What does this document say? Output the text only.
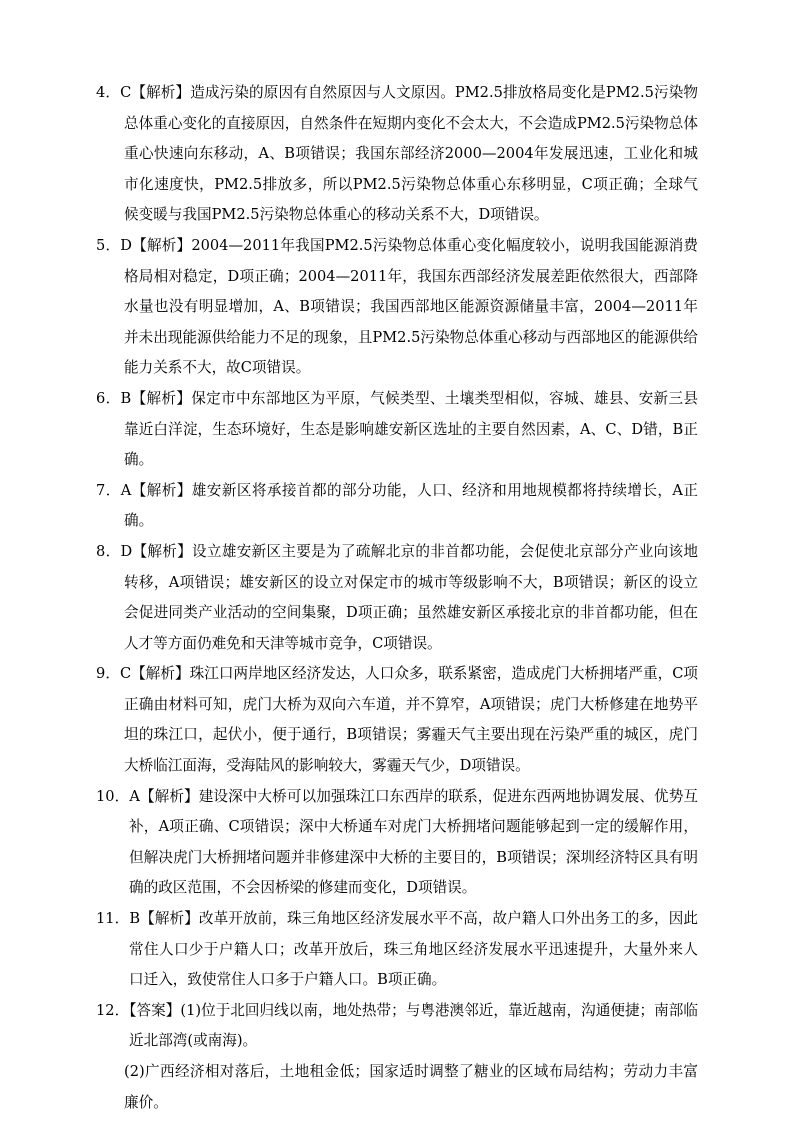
4．C【解析】造成污染的原因有自然原因与人文原因。PM2.5排放格局变化是PM2.5污染物总体重心变化的直接原因，自然条件在短期内变化不会太大，不会造成PM2.5污染物总体重心快速向东移动，A、B项错误；我国东部经济2000—2004年发展迅速，工业化和城市化速度快，PM2.5排放多，所以PM2.5污染物总体重心东移明显，C项正确；全球气候变暖与我国PM2.5污染物总体重心的移动关系不大，D项错误。

5．D【解析】2004—2011年我国PM2.5污染物总体重心变化幅度较小，说明我国能源消费格局相对稳定，D项正确；2004—2011年，我国东西部经济发展差距依然很大，西部降水量也没有明显增加，A、B项错误；我国西部地区能源资源储量丰富，2004—2011年并未出现能源供给能力不足的现象，且PM2.5污染物总体重心移动与西部地区的能源供给能力关系不大，故C项错误。

6．B【解析】保定市中东部地区为平原，气候类型、土壤类型相似，容城、雄县、安新三县靠近白洋淀，生态环境好，生态是影响雄安新区选址的主要自然因素，A、C、D错，B正确。

7．A【解析】雄安新区将承接首都的部分功能，人口、经济和用地规模都将持续增长，A正确。

8．D【解析】设立雄安新区主要是为了疏解北京的非首都功能，会促使北京部分产业向该地转移，A项错误；雄安新区的设立对保定市的城市等级影响不大，B项错误；新区的设立会促进同类产业活动的空间集聚，D项正确；虽然雄安新区承接北京的非首都功能，但在人才等方面仍难免和天津等城市竞争，C项错误。

9．C【解析】珠江口两岸地区经济发达，人口众多，联系紧密，造成虎门大桥拥堵严重，C项正确由材料可知，虎门大桥为双向六车道，并不算窄，A项错误；虎门大桥修建在地势平坦的珠江口，起伏小，便于通行，B项错误；雾霾天气主要出现在污染严重的城区，虎门大桥临江面海，受海陆风的影响较大，雾霾天气少，D项错误。

10．A【解析】建设深中大桥可以加强珠江口东西岸的联系，促进东西两地协调发展、优势互补，A项正确、C项错误；深中大桥通车对虎门大桥拥堵问题能够起到一定的缓解作用，但解决虎门大桥拥堵问题并非修建深中大桥的主要目的，B项错误；深圳经济特区具有明确的政区范围，不会因桥梁的修建而变化，D项错误。

11．B【解析】改革开放前，珠三角地区经济发展水平不高，故户籍人口外出务工的多，因此常住人口少于户籍人口；改革开放后，珠三角地区经济发展水平迅速提升，大量外来人口迁入，致使常住人口多于户籍人口。B项正确。

12．【答案】(1)位于北回归线以南，地处热带；与粤港澳邻近，靠近越南，沟通便捷；南部临近北部湾(或南海)。

(2)广西经济相对落后，土地租金低；国家适时调整了糖业的区域布局结构；劳动力丰富廉价。
